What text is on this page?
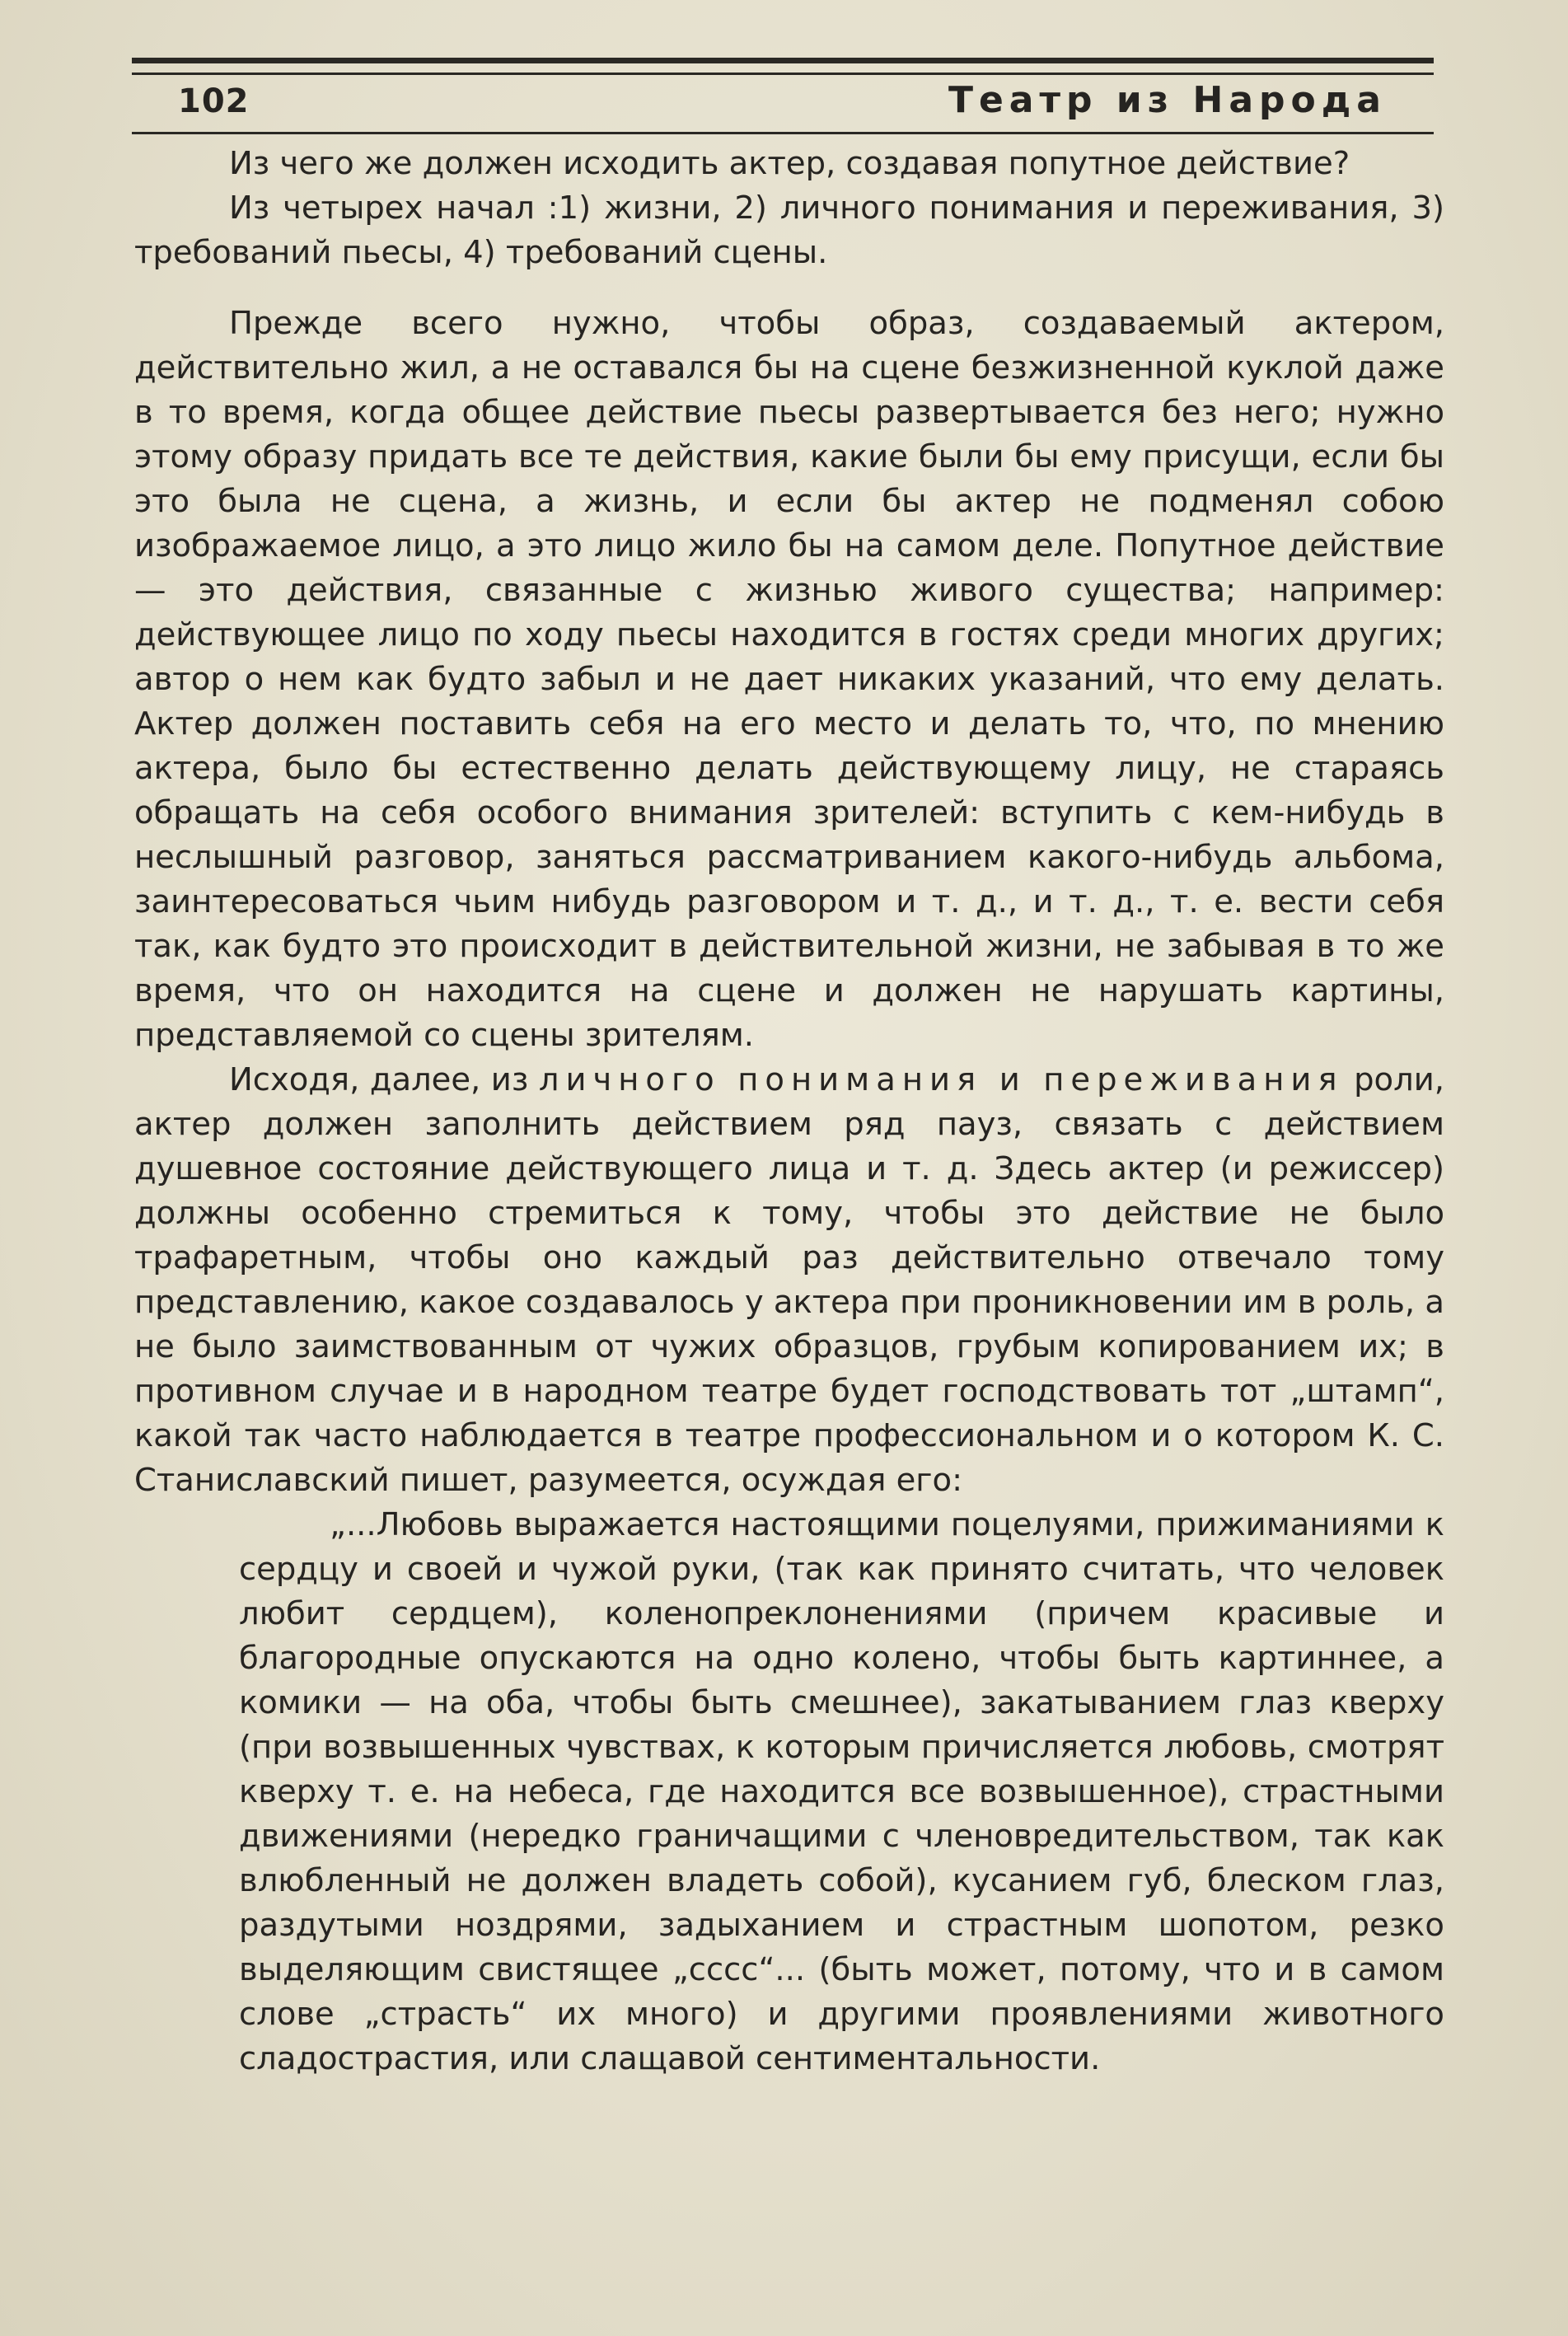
102	Театр из Народа

Из чего же должен исходить актер, создавая попутное действие?

Из четырех начал :1) жизни, 2) личного понимания и переживания, 3) требований пьесы, 4) требований сцены.

Прежде всего нужно, чтобы образ, создаваемый актером, действительно жил, а не оставался бы на сцене безжизненной куклой даже в то время, когда общее действие пьесы развертывается без него; нужно этому образу придать все те действия, какие были бы ему присущи, если бы это была не сцена, а жизнь, и если бы актер не подменял собою изображаемое лицо, а это лицо жило бы на самом деле. Попутное действие — это действия, связанные с жизнью живого существа; например: действующее лицо по ходу пьесы находится в гостях среди многих других; автор о нем как будто забыл и не дает никаких указаний, что ему делать. Актер должен поставить себя на его место и делать то, что, по мнению актера, было бы естественно делать действующему лицу, не стараясь обращать на себя особого внимания зрителей: вступить с кем-нибудь в неслышный разговор, заняться рассматриванием какого-нибудь альбома, заинтересоваться чьим нибудь разговором и т. д., и т. д., т. е. вести себя так, как будто это происходит в действительной жизни, не забывая в то же время, что он находится на сцене и должен не нарушать картины, представляемой со сцены зрителям.

Исходя, далее, из личного понимания и переживания роли, актер должен заполнить действием ряд пауз, связать с действием душевное состояние действующего лица и т. д. Здесь актер (и режиссер) должны особенно стремиться к тому, чтобы это действие не было трафаретным, чтобы оно каждый раз действительно отвечало тому представлению, какое создавалось у актера при проникновении им в роль, а не было заимствованным от чужих образцов, грубым копированием их; в противном случае и в народном театре будет господствовать тот „штамп“, какой так часто наблюдается в театре профессиональном и о котором К. С. Станиславский пишет, разумеется, осуждая его:

„...Любовь выражается настоящими поцелуями, прижиманиями к сердцу и своей и чужой руки, (так как принято считать, что человек любит сердцем), коленопреклонениями (причем красивые и благородные опускаются на одно колено, чтобы быть картиннее, а комики — на оба, чтобы быть смешнее), закатыванием глаз кверху (при возвышенных чувствах, к которым причисляется любовь, смотрят кверху т. е. на небеса, где находится все возвышенное), страстными движениями (нередко граничащими с членовредительством, так как влюбленный не должен владеть собой), кусанием губ, блеском глаз, раздутыми ноздрями, задыханием и страстным шопотом, резко выделяющим свистящее „сссс“... (быть может, потому, что и в самом слове „страсть“ их много) и другими проявлениями животного сладострастия, или слащавой сентиментальности.
